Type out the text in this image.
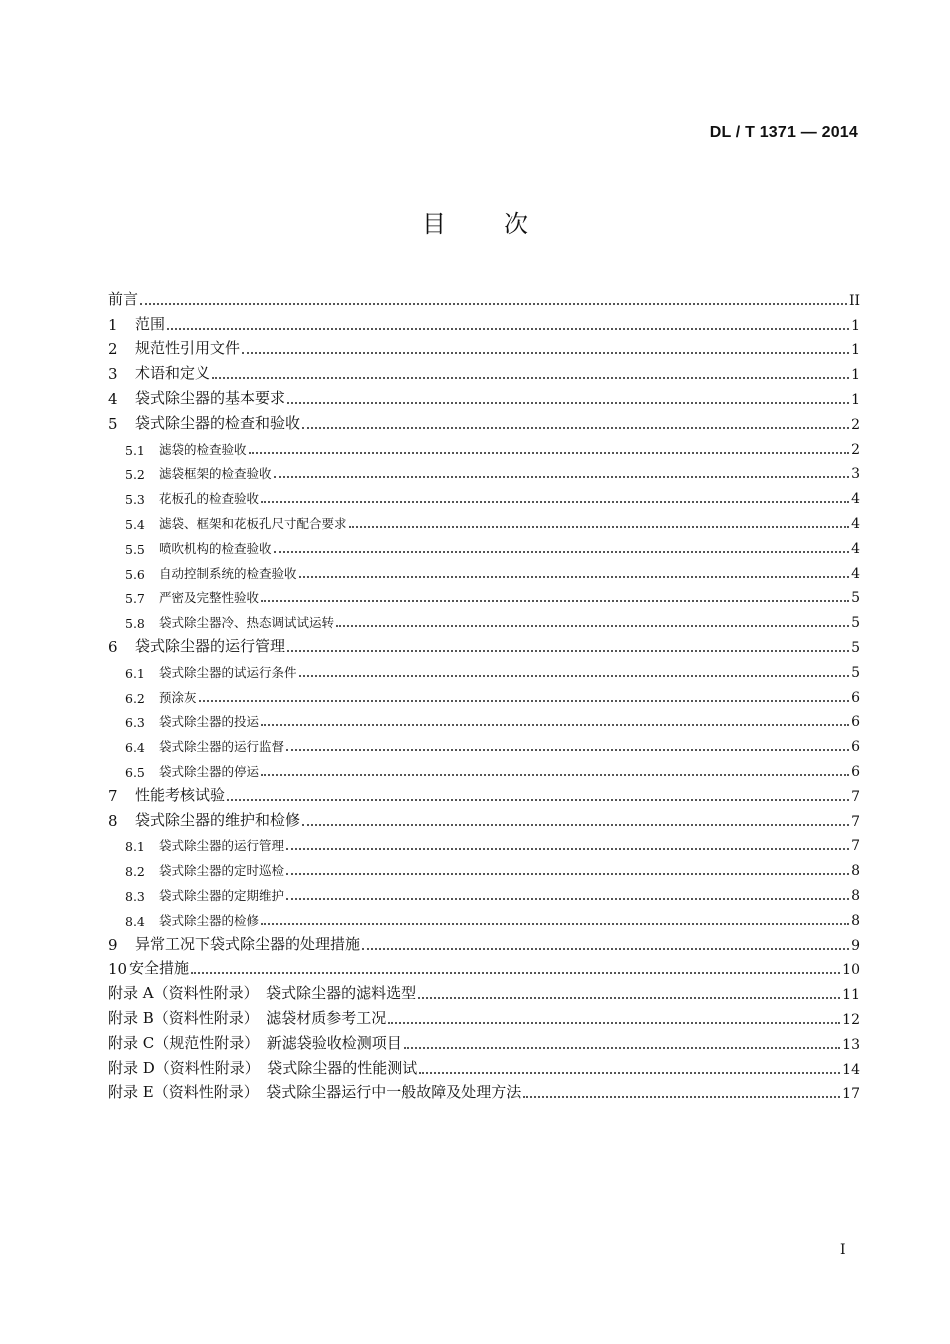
DL / T 1371 — 2014
目次
前言	II
1	范围	1
2	规范性引用文件	1
3	术语和定义	1
4	袋式除尘器的基本要求	1
5	袋式除尘器的检查和验收	2
5.1	滤袋的检查验收	2
5.2	滤袋框架的检查验收	3
5.3	花板孔的检查验收	4
5.4	滤袋、框架和花板孔尺寸配合要求	4
5.5	喷吹机构的检查验收	4
5.6	自动控制系统的检查验收	4
5.7	严密及完整性验收	5
5.8	袋式除尘器冷、热态调试试运转	5
6	袋式除尘器的运行管理	5
6.1	袋式除尘器的试运行条件	5
6.2	预涂灰	6
6.3	袋式除尘器的投运	6
6.4	袋式除尘器的运行监督	6
6.5	袋式除尘器的停运	6
7	性能考核试验	7
8	袋式除尘器的维护和检修	7
8.1	袋式除尘器的运行管理	7
8.2	袋式除尘器的定时巡检	8
8.3	袋式除尘器的定期维护	8
8.4	袋式除尘器的检修	8
9	异常工况下袋式除尘器的处理措施	9
10 安全措施	10
附录 A（资料性附录）　袋式除尘器的滤料选型	11
附录 B（资料性附录）　滤袋材质参考工况	12
附录 C（规范性附录）　新滤袋验收检测项目	13
附录 D（资料性附录）　袋式除尘器的性能测试	14
附录 E（资料性附录）　袋式除尘器运行中一般故障及处理方法	17
I
